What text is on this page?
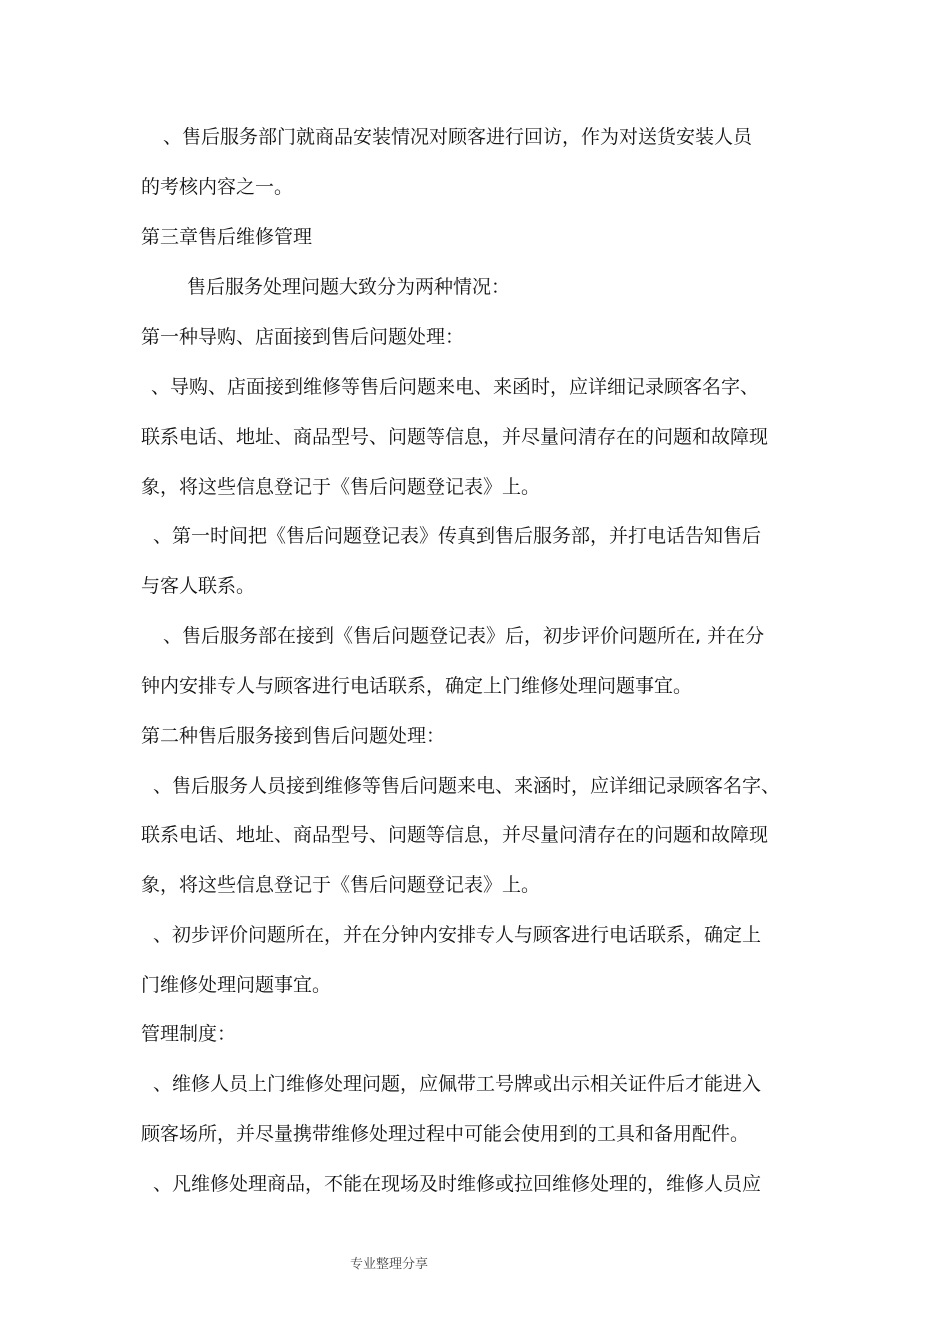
、售后服务部门就商品安装情况对顾客进行回访，作为对送货安装人员
的考核内容之一。
第三章售后维修管理
售后服务处理问题大致分为两种情况：
第一种导购、店面接到售后问题处理：
、导购、店面接到维修等售后问题来电、来函时，应详细记录顾客名字、
联系电话、地址、商品型号、问题等信息，并尽量问清存在的问题和故障现
象，将这些信息登记于《售后问题登记表》上。
、第一时间把《售后问题登记表》传真到售后服务部，并打电话告知售后
与客人联系。
、售后服务部在接到《售后问题登记表》后，初步评价问题所在, 并在分
钟内安排专人与顾客进行电话联系，确定上门维修处理问题事宜。
第二种售后服务接到售后问题处理：
、售后服务人员接到维修等售后问题来电、来涵时，应详细记录顾客名字、
联系电话、地址、商品型号、问题等信息，并尽量问清存在的问题和故障现
象，将这些信息登记于《售后问题登记表》上。
、初步评价问题所在，并在分钟内安排专人与顾客进行电话联系，确定上
门维修处理问题事宜。
管理制度：
、维修人员上门维修处理问题，应佩带工号牌或出示相关证件后才能进入
顾客场所，并尽量携带维修处理过程中可能会使用到的工具和备用配件。
、凡维修处理商品，不能在现场及时维修或拉回维修处理的，维修人员应
专业整理分享
